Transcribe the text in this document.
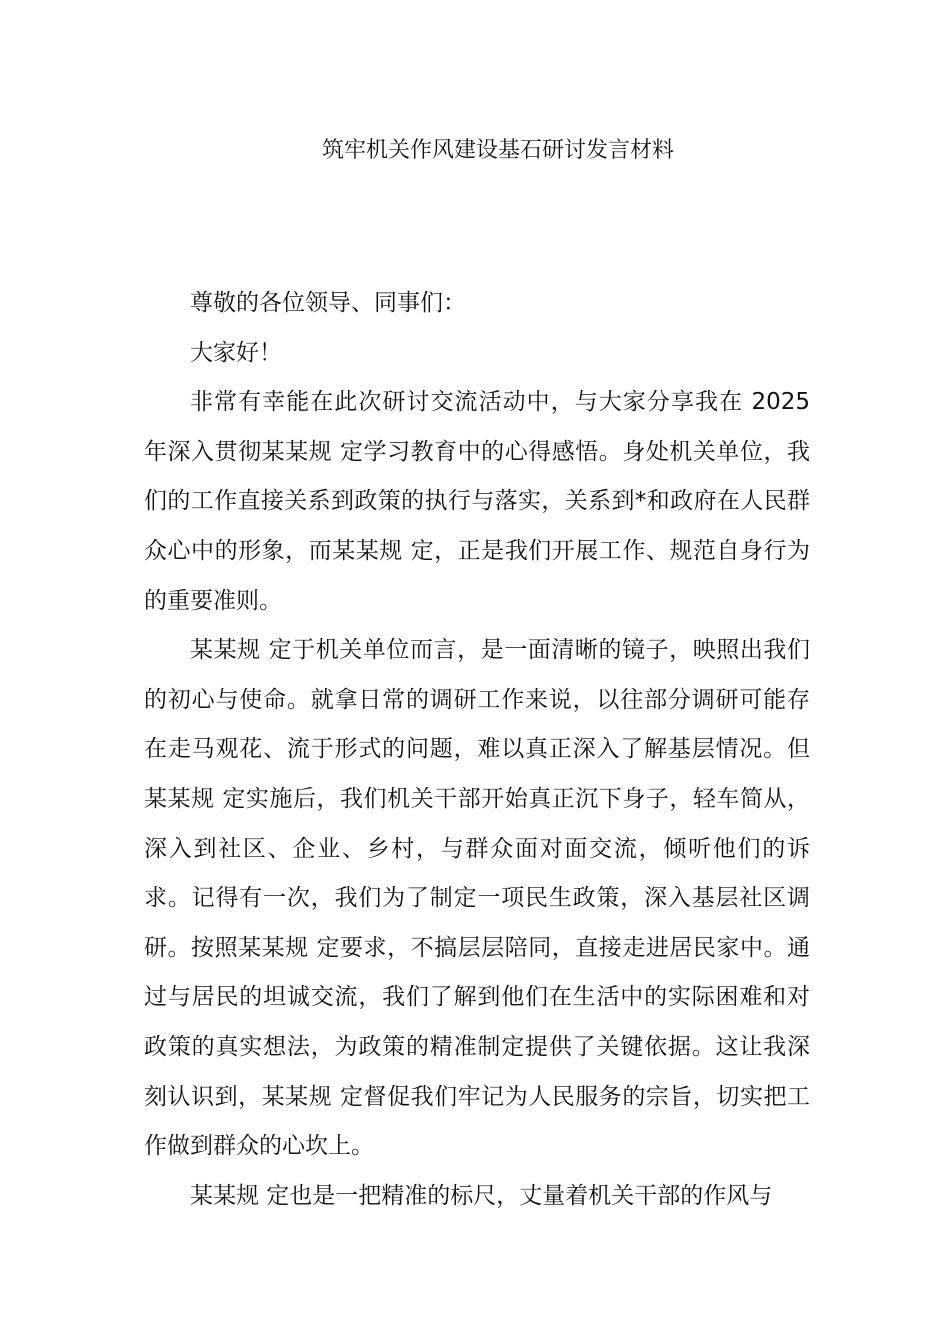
筑牢机关作风建设基石研讨发言材料

尊敬的各位领导、同事们：

大家好！

非常有幸能在此次研讨交流活动中，与大家分享我在 2025 年深入贯彻某某规 定学习教育中的心得感悟。身处机关单位，我们的工作直接关系到政策的执行与落实，关系到*和政府在人民群众心中的形象，而某某规 定，正是我们开展工作、规范自身行为的重要准则。

某某规 定于机关单位而言，是一面清晰的镜子，映照出我们的初心与使命。就拿日常的调研工作来说，以往部分调研可能存在走马观花、流于形式的问题，难以真正深入了解基层情况。但某某规 定实施后，我们机关干部开始真正沉下身子，轻车简从，深入到社区、企业、乡村，与群众面对面交流，倾听他们的诉求。记得有一次，我们为了制定一项民生政策，深入基层社区调研。按照某某规 定要求，不搞层层陪同，直接走进居民家中。通过与居民的坦诚交流，我们了解到他们在生活中的实际困难和对政策的真实想法，为政策的精准制定提供了关键依据。这让我深刻认识到，某某规 定督促我们牢记为人民服务的宗旨，切实把工作做到群众的心坎上。

某某规 定也是一把精准的标尺，丈量着机关干部的作风与
